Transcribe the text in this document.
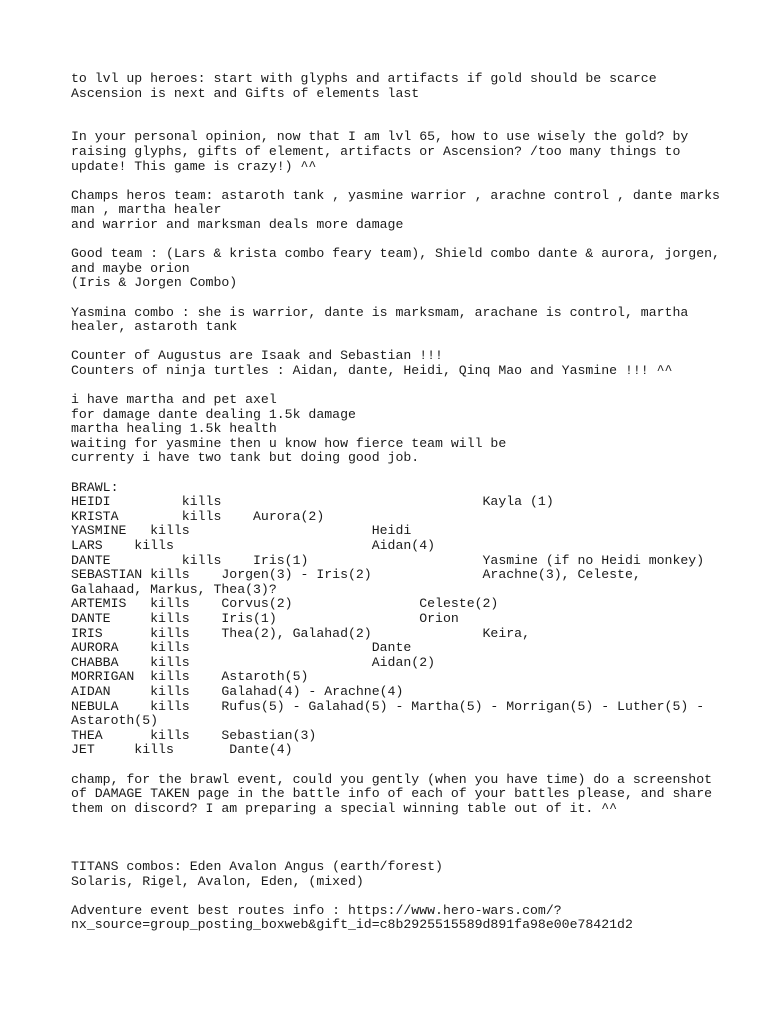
to lvl up heroes: start with glyphs and artifacts if gold should be scarce
Ascension is next and Gifts of elements last
In your personal opinion, now that I am lvl 65, how to use wisely the gold? by
raising glyphs, gifts of element, artifacts or Ascension? /too many things to
update! This game is crazy!) ^^
Champs heros team: astaroth tank , yasmine warrior , arachne control , dante marks
man , martha healer
and warrior and marksman deals more damage
Good team : (Lars & krista combo feary team), Shield combo dante & aurora, jorgen,
and maybe orion
(Iris & Jorgen Combo)
Yasmina combo : she is warrior, dante is marksmam, arachane is control, martha
healer, astaroth tank
Counter of Augustus are Isaak and Sebastian !!!
Counters of ninja turtles : Aidan, dante, Heidi, Qinq Mao and Yasmine !!! ^^
i have martha and pet axel
for damage dante dealing 1.5k damage
martha healing 1.5k health
waiting for yasmine then u know how fierce team will be
currenty i have two tank but doing good job.
BRAWL:
HEIDI         kills                                 Kayla (1)
KRISTA        kills    Aurora(2)
YASMINE   kills                       Heidi
LARS    kills                         Aidan(4)
DANTE         kills    Iris(1)                      Yasmine (if no Heidi monkey)
SEBASTIAN kills    Jorgen(3) - Iris(2)              Arachne(3), Celeste,
Galahaad, Markus, Thea(3)?
ARTEMIS   kills    Corvus(2)                Celeste(2)
DANTE     kills    Iris(1)                  Orion
IRIS      kills    Thea(2), Galahad(2)              Keira,
AURORA    kills                       Dante
CHABBA    kills                       Aidan(2)
MORRIGAN  kills    Astaroth(5)
AIDAN     kills    Galahad(4) - Arachne(4)
NEBULA    kills    Rufus(5) - Galahad(5) - Martha(5) - Morrigan(5) - Luther(5) -
Astaroth(5)
THEA      kills    Sebastian(3)
JET     kills       Dante(4)
champ, for the brawl event, could you gently (when you have time) do a screenshot
of DAMAGE TAKEN page in the battle info of each of your battles please, and share
them on discord? I am preparing a special winning table out of it. ^^
TITANS combos: Eden Avalon Angus (earth/forest)
Solaris, Rigel, Avalon, Eden, (mixed)
Adventure event best routes info : https://www.hero-wars.com/?
nx_source=group_posting_boxweb&gift_id=c8b2925515589d891fa98e00e78421d2
